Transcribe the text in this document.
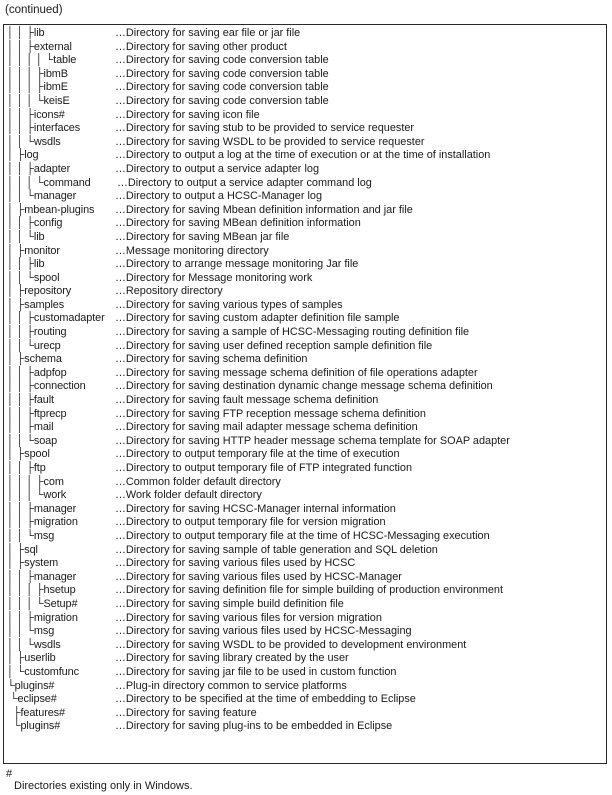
(continued)
│ │ ├lib	…Directory for saving ear file or jar file
│ │ ├external	…Directory for saving other product
│ │ │ │ └table	…Directory for saving code conversion table
│ │ │ ├ibmB	…Directory for saving code conversion table
│ │ │ ├ibmE	…Directory for saving code conversion table
│ │ │ └keisE	…Directory for saving code conversion table
│ │ ├icons#	…Directory for saving icon file
│ │ ├interfaces	…Directory for saving stub to be provided to service requester
│ │ └wsdls	…Directory for saving WSDL to be provided to service requester
│ ├log	…Directory to output a log at the time of execution or at the time of installation
│ │ ├adapter	…Directory to output a service adapter log
│ │ │ └command …Directory to output a service adapter command log
│ │ └manager	…Directory to output a HCSC-Manager log
│ ├mbean-plugins …Directory for saving Mbean definition information and jar file
│ │ ├config	…Directory for saving MBean definition information
│ │ └lib	…Directory for saving MBean jar file
│ ├monitor	…Message monitoring directory
│ │ ├lib	…Directory to arrange message monitoring Jar file
│ │ └spool	…Directory for Message monitoring work
│ ├repository	…Repository directory
│ ├samples	…Directory for saving various types of samples
│ │ ├customadapter …Directory for saving custom adapter definition file sample
│ │ ├routing	…Directory for saving a sample of HCSC-Messaging routing definition file
│ │ └urecp	…Directory for saving user defined reception sample definition file
│ ├schema	…Directory for saving schema definition
│ │ ├adpfop	…Directory for saving message schema definition of file operations adapter
│ │ ├connection	…Directory for saving destination dynamic change message schema definition
│ │ ├fault	…Directory for saving fault message schema definition
│ │ ├ftprecp	…Directory for saving FTP reception message schema definition
│ │ ├mail	…Directory for saving mail adapter message schema definition
│ │ └soap	…Directory for saving HTTP header message schema template for SOAP adapter
│ ├spool	…Directory to output temporary file at the time of execution
│ │ ├ftp	…Directory to output temporary file of FTP integrated function
│ │ │ ├com	…Common folder default directory
│ │ │ └work	…Work folder default directory
│ │ ├manager	…Directory for saving HCSC-Manager internal information
│ │ ├migration	…Directory to output temporary file for version migration
│ │ └msg	…Directory to output temporary file at the time of HCSC-Messaging execution
│ ├sql	…Directory for saving sample of table generation and SQL deletion
│ ├system	…Directory for saving various files used by HCSC
│ │ ├manager	…Directory for saving various files used by HCSC-Manager
│ │ │ ├hsetup	…Directory for saving definition file for simple building of production environment
│ │ │ └Setup#	…Directory for saving simple build definition file
│ │ ├migration	…Directory for saving various files for version migration
│ │ └msg	…Directory for saving various files used by HCSC-Messaging
│ │ └wsdls	…Directory for saving WSDL to be provided to development environment
│ ├userlib	…Directory for saving library created by the user
│ └customfunc	…Directory for saving jar file to be used in custom function
└plugins#	…Plug-in directory common to service platforms
└eclipse#	…Directory to be specified at the time of embedding to Eclipse
├features#	…Directory for saving feature
└plugins#	…Directory for saving plug-ins to be embedded in Eclipse
#
Directories existing only in Windows.
